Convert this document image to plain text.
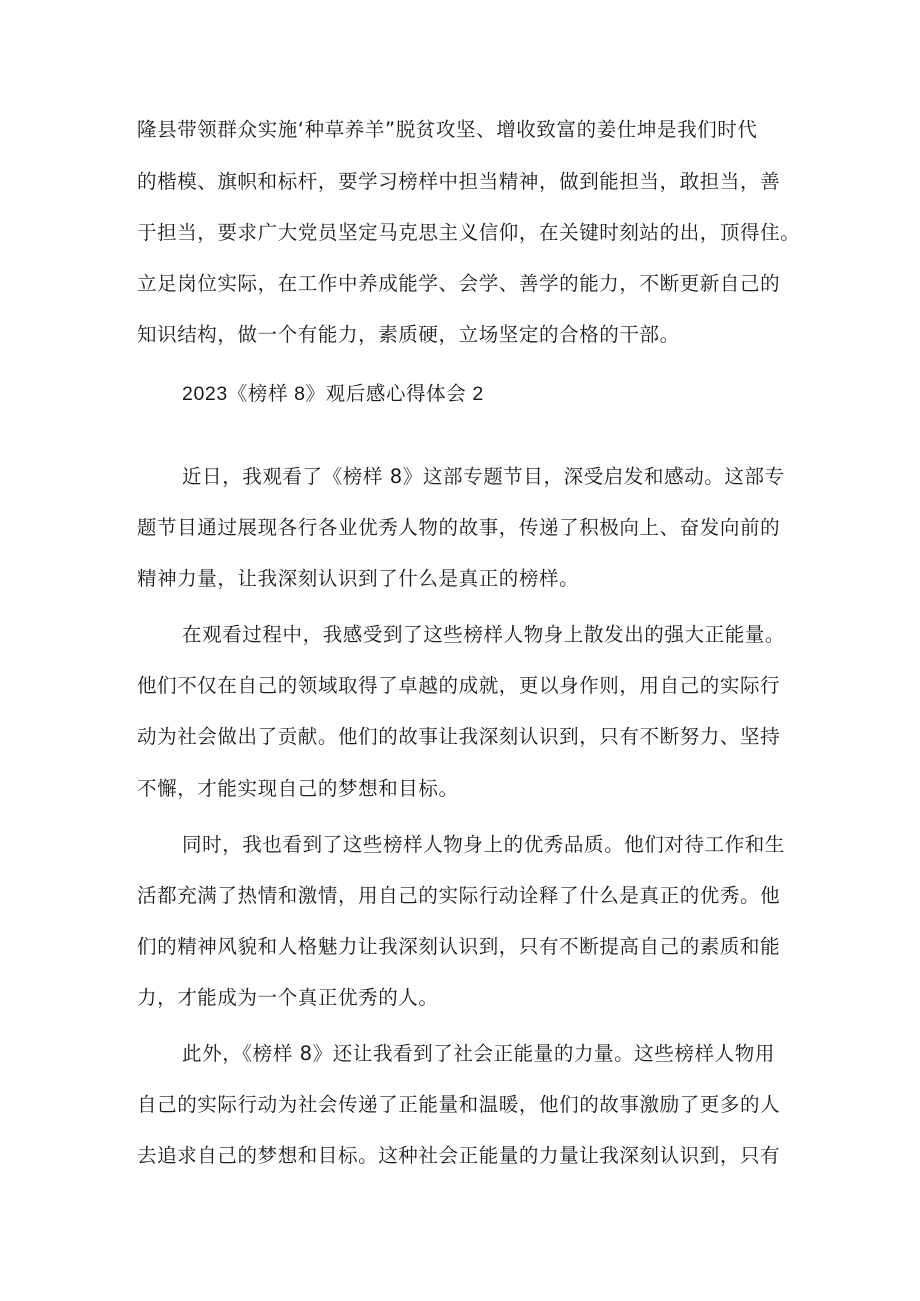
隆县带领群众实施‘种草养羊”脱贫攻坚、增收致富的姜仕坤是我们时代
的楷模、旗帜和标杆，要学习榜样中担当精神，做到能担当，敢担当，善
于担当，要求广大党员坚定马克思主义信仰，在关键时刻站的出，顶得住。
立足岗位实际，在工作中养成能学、会学、善学的能力，不断更新自己的
知识结构，做一个有能力，素质硬，立场坚定的合格的干部。
2023《榜样 8》观后感心得体会 2
近日，我观看了《榜样 8》这部专题节目，深受启发和感动。这部专
题节目通过展现各行各业优秀人物的故事，传递了积极向上、奋发向前的
精神力量，让我深刻认识到了什么是真正的榜样。
在观看过程中，我感受到了这些榜样人物身上散发出的强大正能量。
他们不仅在自己的领域取得了卓越的成就，更以身作则，用自己的实际行
动为社会做出了贡献。他们的故事让我深刻认识到，只有不断努力、坚持
不懈，才能实现自己的梦想和目标。
同时，我也看到了这些榜样人物身上的优秀品质。他们对待工作和生
活都充满了热情和激情，用自己的实际行动诠释了什么是真正的优秀。他
们的精神风貌和人格魅力让我深刻认识到，只有不断提高自己的素质和能
力，才能成为一个真正优秀的人。
此外，《榜样 8》还让我看到了社会正能量的力量。这些榜样人物用
自己的实际行动为社会传递了正能量和温暖，他们的故事激励了更多的人
去追求自己的梦想和目标。这种社会正能量的力量让我深刻认识到，只有
